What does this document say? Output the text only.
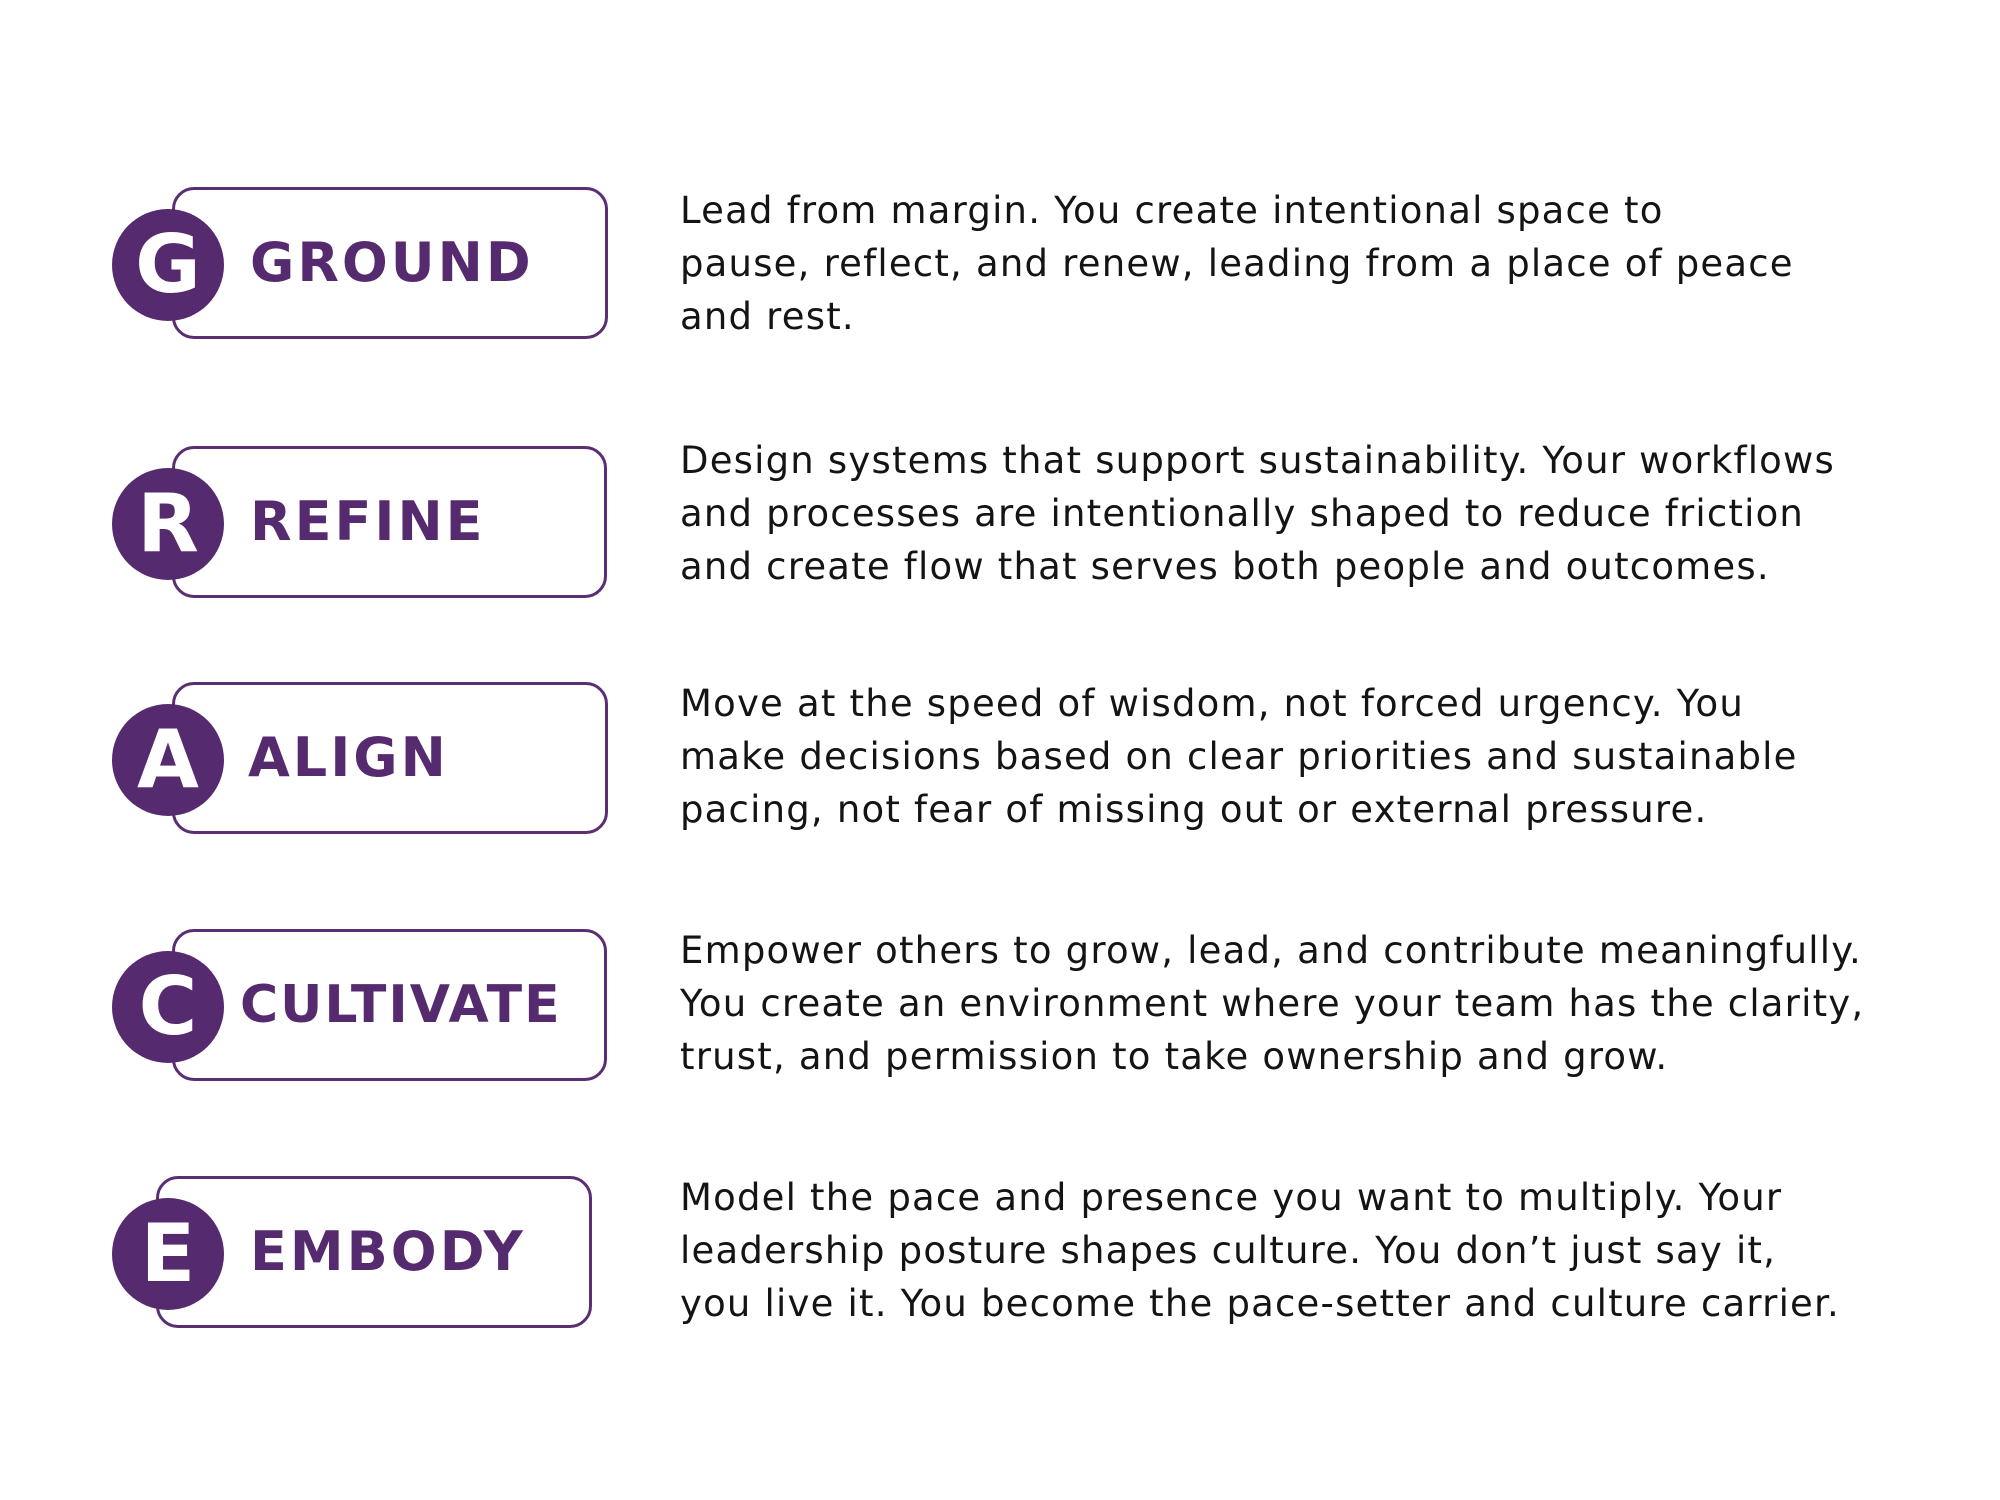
G GROUND

Lead from margin. You create intentional space to
pause, reflect, and renew, leading from a place of peace
and rest.

R REFINE

Design systems that support sustainability. Your workflows
and processes are intentionally shaped to reduce friction
and create flow that serves both people and outcomes.

A ALIGN

Move at the speed of wisdom, not forced urgency. You
make decisions based on clear priorities and sustainable
pacing, not fear of missing out or external pressure.

C CULTIVATE

Empower others to grow, lead, and contribute meaningfully.
You create an environment where your team has the clarity,
trust, and permission to take ownership and grow.

E	EMBODY

Model the pace and presence you want to multiply. Your
leadership posture shapes culture. You don’t just say it,
you live it. You become the pace-setter and culture carrier.
